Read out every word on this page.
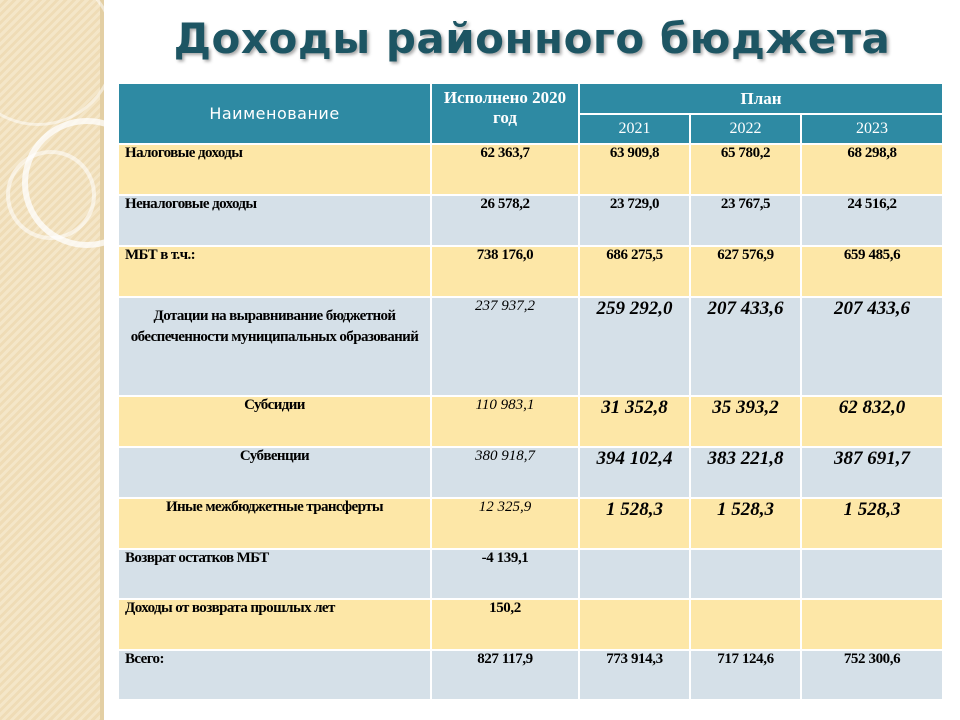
Доходы районного бюджета
Наименование	Исполнено 2020 год	План		
		2021	2022	2023
Налоговые доходы	62 363,7	63 909,8	65 780,2	68 298,8
Неналоговые доходы	26 578,2	23 729,0	23 767,5	24 516,2
МБТ в т.ч.:	738 176,0	686 275,5	627 576,9	659 485,6
Дотации на выравнивание бюджетной обеспеченности муниципальных образований	237 937,2	259 292,0	207 433,6	207 433,6
Субсидии	110 983,1	31 352,8	35 393,2	62 832,0
Субвенции	380 918,7	394 102,4	383 221,8	387 691,7
Иные межбюджетные трансферты	12 325,9	1 528,3	1 528,3	1 528,3
Возврат остатков МБТ	-4 139,1			
Доходы от возврата прошлых лет	150,2			
Всего:	827 117,9	773 914,3	717 124,6	752 300,6
